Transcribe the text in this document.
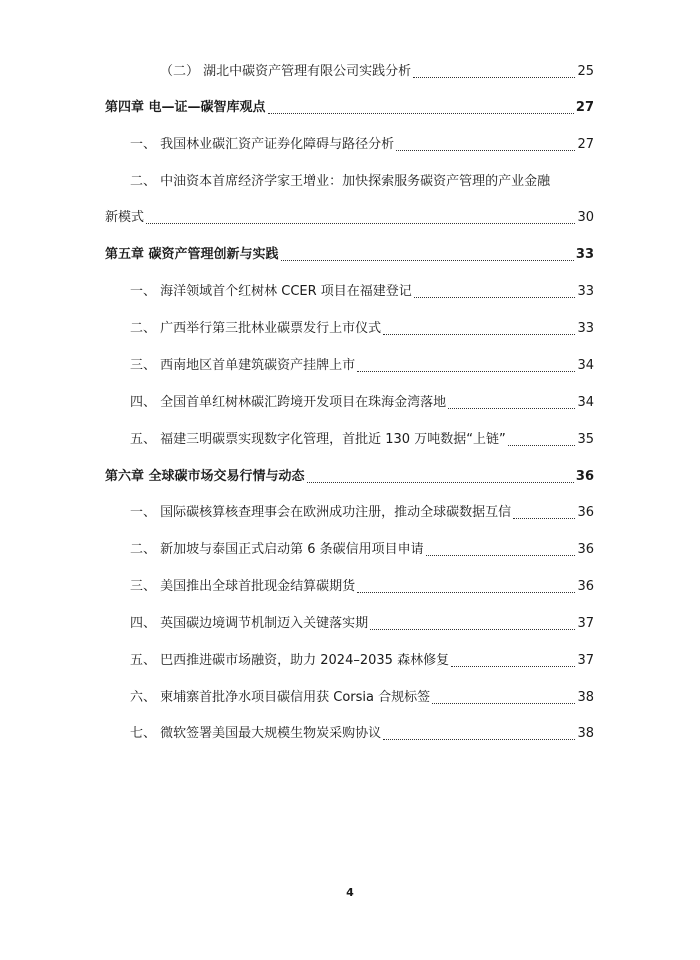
（二） 湖北中碳资产管理有限公司实践分析	25
第四章 电—证—碳智库观点	27
一、 我国林业碳汇资产证券化障碍与路径分析	27
二、 中油资本首席经济学家王增业：加快探索服务碳资产管理的产业金融
新模式	30
第五章 碳资产管理创新与实践	33
一、 海洋领域首个红树林 CCER 项目在福建登记	33
二、 广西举行第三批林业碳票发行上市仪式	33
三、 西南地区首单建筑碳资产挂牌上市	34
四、 全国首单红树林碳汇跨境开发项目在珠海金湾落地	34
五、 福建三明碳票实现数字化管理，首批近 130 万吨数据“上链”	35
第六章 全球碳市场交易行情与动态	36
一、 国际碳核算核查理事会在欧洲成功注册，推动全球碳数据互信	36
二、 新加坡与泰国正式启动第 6 条碳信用项目申请	36
三、 美国推出全球首批现金结算碳期货	36
四、 英国碳边境调节机制迈入关键落实期	37
五、 巴西推进碳市场融资，助力 2024–2035 森林修复	37
六、 柬埔寨首批净水项目碳信用获 Corsia 合规标签	38
七、 微软签署美国最大规模生物炭采购协议	38
4
